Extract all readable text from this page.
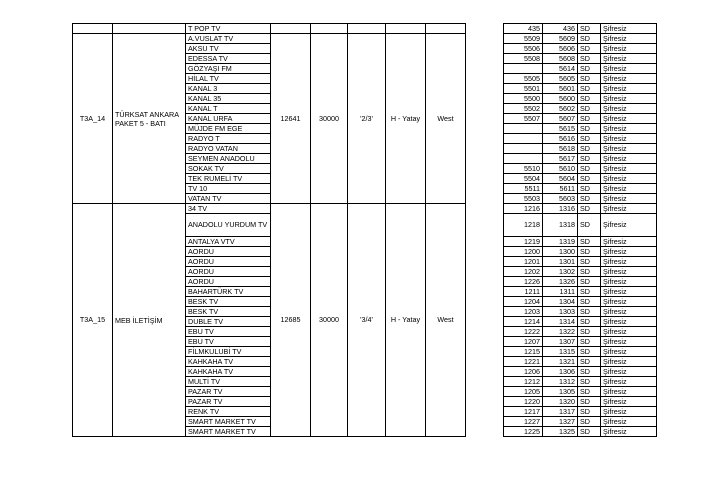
		T POP TV							435	436	SD	Şifresiz
T3A_14	TÜRKSAT ANKARA PAKET 5 - BATI	A.VUSLAT TV	12641	30000	'2/3'	H - Yatay	West		5509	5609	SD	Şifresiz
		AKSU TV							5506	5606	SD	Şifresiz
		EDESSA TV							5508	5608	SD	Şifresiz
		GÖZYAŞI FM								5614	SD	Şifresiz
		HİLAL TV							5505	5605	SD	Şifresiz
		KANAL 3							5501	5601	SD	Şifresiz
		KANAL 35							5500	5600	SD	Şifresiz
		KANAL T							5502	5602	SD	Şifresiz
		KANAL URFA							5507	5607	SD	Şifresiz
		MÜJDE FM EGE								5615	SD	Şifresiz
		RADYO T								5616	SD	Şifresiz
		RADYO VATAN								5618	SD	Şifresiz
		SEYMEN ANADOLU								5617	SD	Şifresiz
		SOKAK TV							5510	5610	SD	Şifresiz
		TEK RUMELİ TV							5504	5604	SD	Şifresiz
		TV 10							5511	5611	SD	Şifresiz
		VATAN TV							5503	5603	SD	Şifresiz
T3A_15	MEB İLETİŞİM	34 TV	12685	30000	'3/4'	H - Yatay	West		1216	1316	SD	Şifresiz
		ANADOLU YURDUM TV							1218	1318	SD	Şifresiz
		ANTALYA VTV							1219	1319	SD	Şifresiz
		AORDU							1200	1300	SD	Şifresiz
		AORDU							1201	1301	SD	Şifresiz
		AORDU							1202	1302	SD	Şifresiz
		AORDU							1226	1326	SD	Şifresiz
		BAHARTÜRK TV							1211	1311	SD	Şifresiz
		BESK TV							1204	1304	SD	Şifresiz
		BESK TV							1203	1303	SD	Şifresiz
		DUBLE TV							1214	1314	SD	Şifresiz
		EBU TV							1222	1322	SD	Şifresiz
		EBU TV							1207	1307	SD	Şifresiz
		FİLMKULUBİ TV							1215	1315	SD	Şifresiz
		KAHKAHA TV							1221	1321	SD	Şifresiz
		KAHKAHA TV							1206	1306	SD	Şifresiz
		MULTİ TV							1212	1312	SD	Şifresiz
		PAZAR TV							1205	1305	SD	Şifresiz
		PAZAR TV							1220	1320	SD	Şifresiz
		RENK TV							1217	1317	SD	Şifresiz
		SMART MARKET TV							1227	1327	SD	Şifresiz
		SMART MARKET TV							1225	1325	SD	Şifresiz
